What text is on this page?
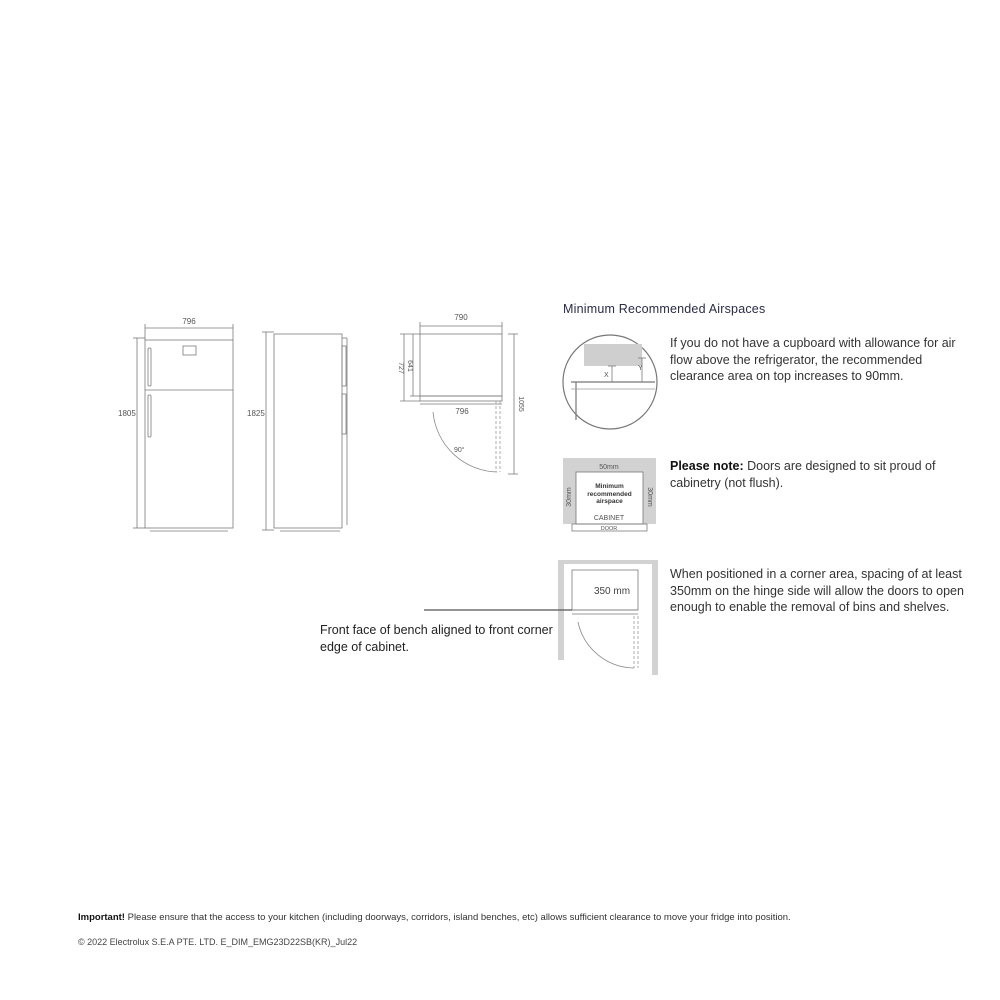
796
1805	1825
790
727 641
796	1055
90°
X
Y
50mm
30mm	30mm
Minimum recommended airspace
CABINET
DOOR
350 mm
Minimum Recommended Airspaces
If you do not have a cupboard with allowance for air flow above the refrigerator, the recommended clearance area on top increases to 90mm.
Please note: Doors are designed to sit proud of cabinetry (not flush).
When positioned in a corner area, spacing of at least 350mm on the hinge side will allow the doors to open enough to enable the removal of bins and shelves.
Front face of bench aligned to front corner edge of cabinet.
Important! Please ensure that the access to your kitchen (including doorways, corridors, island benches, etc) allows sufficient clearance to move your fridge into position.
© 2022 Electrolux S.E.A PTE. LTD. E_DIM_EMG23D22SB(KR)_Jul22
